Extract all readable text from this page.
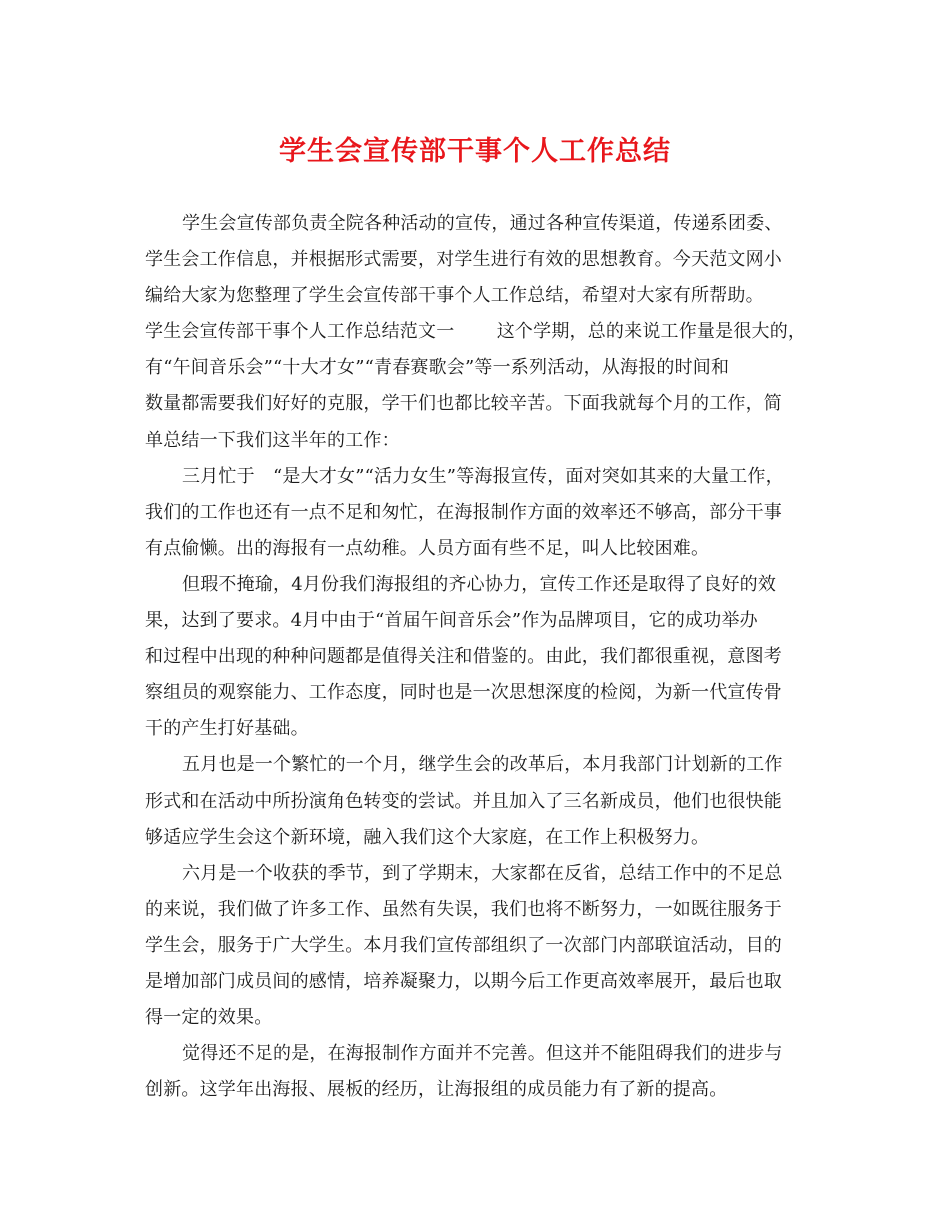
学生会宣传部干事个人工作总结
学生会宣传部负责全院各种活动的宣传，通过各种宣传渠道，传递系团委、
学生会工作信息，并根据形式需要，对学生进行有效的思想教育。今天范文网小
编给大家为您整理了学生会宣传部干事个人工作总结，希望对大家有所帮助。
学生会宣传部干事个人工作总结范文一　　 这个学期，总的来说工作量是很大的，
有“午间音乐会”“十大才女”“青春赛歌会”等一系列活动，从海报的时间和
数量都需要我们好好的克服，学干们也都比较辛苦。下面我就每个月的工作，简
单总结一下我们这半年的工作：
三月忙于　“是大才女”“活力女生”等海报宣传，面对突如其来的大量工作，
我们的工作也还有一点不足和匆忙，在海报制作方面的效率还不够高，部分干事
有点偷懒。出的海报有一点幼稚。人员方面有些不足，叫人比较困难。
但瑕不掩瑜，4月份我们海报组的齐心协力，宣传工作还是取得了良好的效
果，达到了要求。4月中由于“首届午间音乐会”作为品牌项目，它的成功举办
和过程中出现的种种问题都是值得关注和借鉴的。由此，我们都很重视，意图考
察组员的观察能力、工作态度，同时也是一次思想深度的检阅，为新一代宣传骨
干的产生打好基础。
五月也是一个繁忙的一个月，继学生会的改革后，本月我部门计划新的工作
形式和在活动中所扮演角色转变的尝试。并且加入了三名新成员，他们也很快能
够适应学生会这个新环境，融入我们这个大家庭，在工作上积极努力。
六月是一个收获的季节，到了学期末，大家都在反省，总结工作中的不足总
的来说，我们做了许多工作、虽然有失误，我们也将不断努力，一如既往服务于
学生会，服务于广大学生。本月我们宣传部组织了一次部门内部联谊活动，目的
是增加部门成员间的感情，培养凝聚力，以期今后工作更高效率展开，最后也取
得一定的效果。
觉得还不足的是，在海报制作方面并不完善。但这并不能阻碍我们的进步与
创新。这学年出海报、展板的经历，让海报组的成员能力有了新的提高。
